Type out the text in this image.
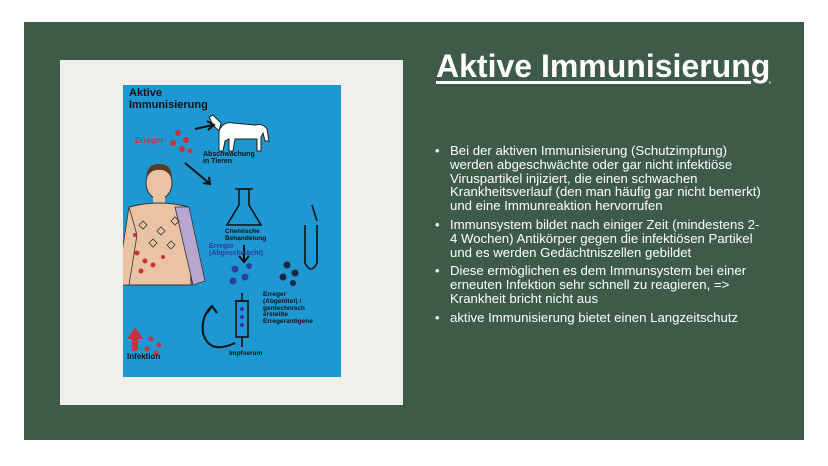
Aktive
Immunisierung
Erreger
Abschwächung
in Tieren
Chemische
Behandelung
Erreger
(Abgeschwächt)
Erreger
(Abgetötet) /
gentechnisch
erstellte
Erregerantigene
Impfserum
Infektion
Aktive Immunisierung
• Bei der aktiven Immunisierung (Schutzimpfung) werden abgeschwächte oder gar nicht infektiöse Viruspartikel injiziert, die einen schwachen Krankheitsverlauf (den man häufig gar nicht bemerkt) und eine Immunreaktion hervorrufen
• Immunsystem bildet nach einiger Zeit (mindestens 2-4 Wochen) Antikörper gegen die infektiösen Partikel und es werden Gedächtniszellen gebildet
• Diese ermöglichen es dem Immunsystem bei einer erneuten Infektion sehr schnell zu reagieren, => Krankheit bricht nicht aus
• aktive Immunisierung bietet einen Langzeitschutz
